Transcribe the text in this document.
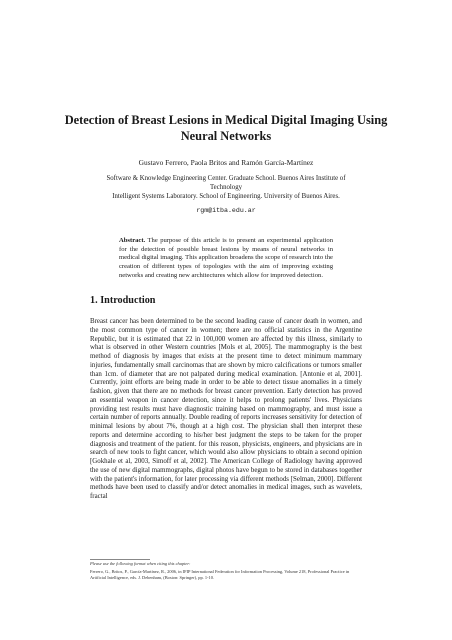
Detection of Breast Lesions in Medical Digital Imaging Using Neural Networks
Gustavo Ferrero, Paola Britos and Ramón García-Martínez
Software & Knowledge Engineering Center. Graduate School. Buenos Aires Institute of Technology
Intelligent Systems Laboratory. School of Engineering. University of Buenos Aires.
rgm@itba.edu.ar
Abstract. The purpose of this article is to present an experimental application for the detection of possible breast lesions by means of neural networks in medical digital imaging. This application broadens the scope of research into the creation of different types of topologies with the aim of improving existing networks and creating new architectures which allow for improved detection.
1. Introduction
Breast cancer has been determined to be the second leading cause of cancer death in women, and the most common type of cancer in women; there are no official statistics in the Argentine Republic, but it is estimated that 22 in 100,000 women are affected by this illness, similarly to what is observed in other Western countries [Mols et al, 2005]. The mammography is the best method of diagnosis by images that exists at the present time to detect minimum mammary injuries, fundamentally small carcinomas that are shown by micro calcifications or tumors smaller than 1cm. of diameter that are not palpated during medical examination. [Antonie et al, 2001]. Currently, joint efforts are being made in order to be able to detect tissue anomalies in a timely fashion, given that there are no methods for breast cancer prevention. Early detection has proved an essential weapon in cancer detection, since it helps to prolong patients' lives. Physicians providing test results must have diagnostic training based on mammography, and must issue a certain number of reports annually. Double reading of reports increases sensitivity for detection of minimal lesions by about 7%, though at a high cost. The physician shall then interpret these reports and determine according to his/her best judgment the steps to be taken for the proper diagnosis and treatment of the patient. for this reason, physicists, engineers, and physicians are in search of new tools to fight cancer, which would also allow physicians to obtain a second opinion [Gokhale et al, 2003, Simoff et al, 2002]. The American College of Radiology having approved the use of new digital mammographs, digital photos have begun to be stored in databases together with the patient's information, for later processing via different methods [Selman, 2000]. Different methods have been used to classify and/or detect anomalies in medical images, such as wavelets, fractal
Please use the following format when citing this chapter:
Ferrero, G., Britos, P., García-Martínez, R., 2006, in IFIP International Federation for Information Processing, Volume 218, Professional Practice in Artificial Intelligence, eds. J. Debenham, (Boston: Springer), pp. 1-10.
